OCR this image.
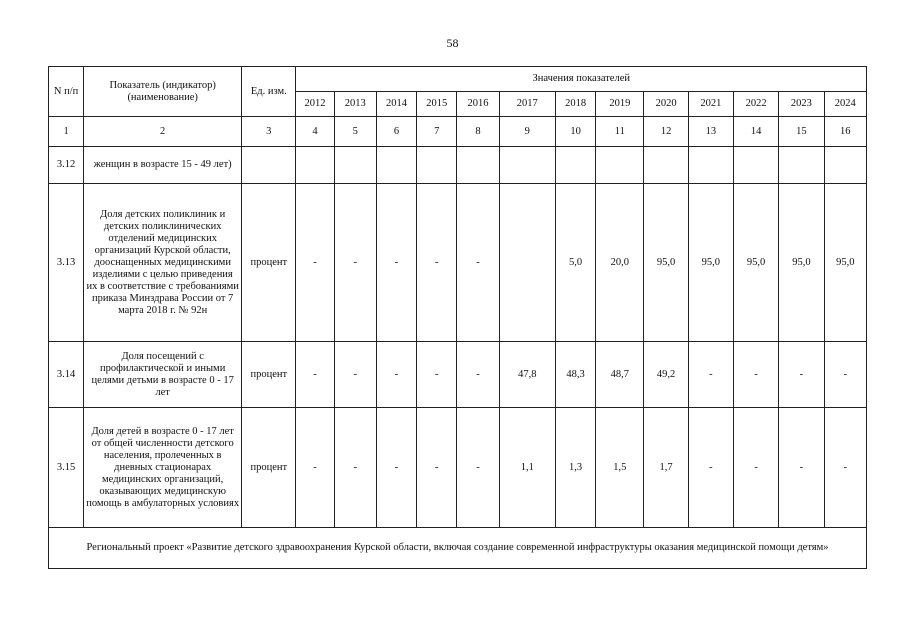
58
N п/п	Показатель (индикатор) (наименование)	Ед. изм.	Значения показателей												
			2012	2013	2014	2015	2016	2017	2018	2019	2020	2021	2022	2023	2024
1	2	3	4	5	6	7	8	9	10	11	12	13	14	15	16
3.12	женщин в возрасте 15 - 49 лет)														
3.13	Доля детских поликлиник и детских поликлинических отделений медицинских организаций Курской области, дооснащенных медицинскими изделиями с целью приведения их в соответствие с требованиями приказа Минздрава России от 7 марта 2018 г. № 92н	процент	-	-	-	-	-		5,0	20,0	95,0	95,0	95,0	95,0	95,0
3.14	Доля посещений с профилактической и иными целями детьми в возрасте 0 - 17 лет	процент	-	-	-	-	-	47,8	48,3	48,7	49,2	-	-	-	-
3.15	Доля детей в возрасте 0 - 17 лет от общей численности детского населения, пролеченных в дневных стационарах медицинских организаций, оказывающих медицинскую помощь в амбулаторных условиях	процент	-	-	-	-	-	1,1	1,3	1,5	1,7	-	-	-	-
Региональный проект «Развитие детского здравоохранения Курской области, включая создание современной инфраструктуры оказания медицинской помощи детям»															
